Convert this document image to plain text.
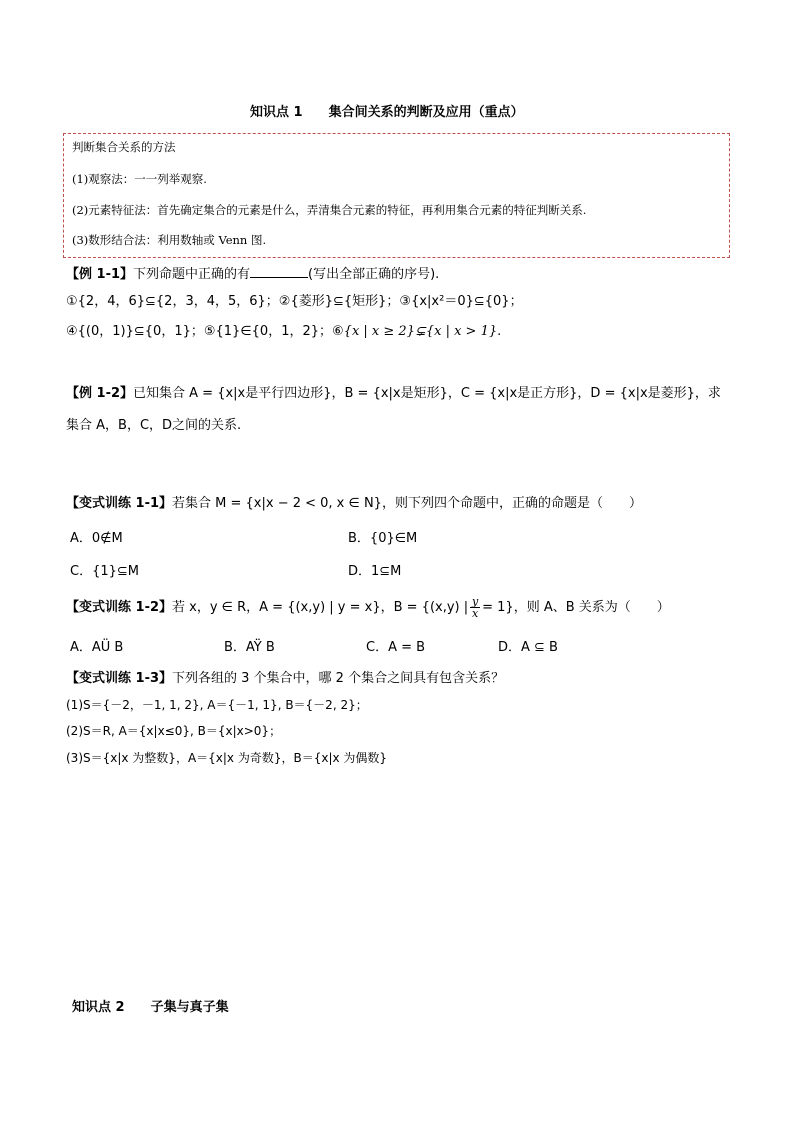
知识点 1　　集合间关系的判断及应用（重点）
判断集合关系的方法
(1)观察法：一一列举观察.
(2)元素特征法：首先确定集合的元素是什么，弄清集合元素的特征，再利用集合元素的特征判断关系.
(3)数形结合法：利用数轴或 Venn 图.
【例 1-1】下列命题中正确的有	(写出全部正确的序号).
①{2，4，6}⊆{2，3，4，5，6}；②{菱形}⊆{矩形}；③{x|x²＝0}⊆{0}；
④{(0，1)}⊆{0，1}；⑤{1}∈{0，1，2}；⑥{x | x ≥ 2}⊊{x | x > 1}.
【例 1-2】已知集合 A = {x|x是平行四边形}，B = {x|x是矩形}，C = {x|x是正方形}，D = {x|x是菱形}，求
集合 A，B，C，D之间的关系.
【变式训练 1-1】若集合 M = {x|x − 2 < 0, x ∈ N}，则下列四个命题中，正确的命题是（　　）
A．0∉M	B．{0}∈M
C．{1}⊆M	D．1⊆M
【变式训练 1-2】若 x，y ∈ R，A = {(x,y) | y = x}，B = {(x,y) | $\frac{y}{x} = 1$}，则 A、B 关系为（　　）
A．AÜ B	B．AŸ B	C．A = B	D．A ⊆ B
【变式训练 1-3】下列各组的 3 个集合中，哪 2 个集合之间具有包含关系？
(1)S＝{－2，－1, 1, 2}, A＝{－1, 1}, B＝{－2, 2}；
(2)S＝R, A＝{x|x≤0}, B＝{x|x>0}；
(3)S＝{x|x 为整数}，A＝{x|x 为奇数}，B＝{x|x 为偶数}
知识点 2　　子集与真子集
